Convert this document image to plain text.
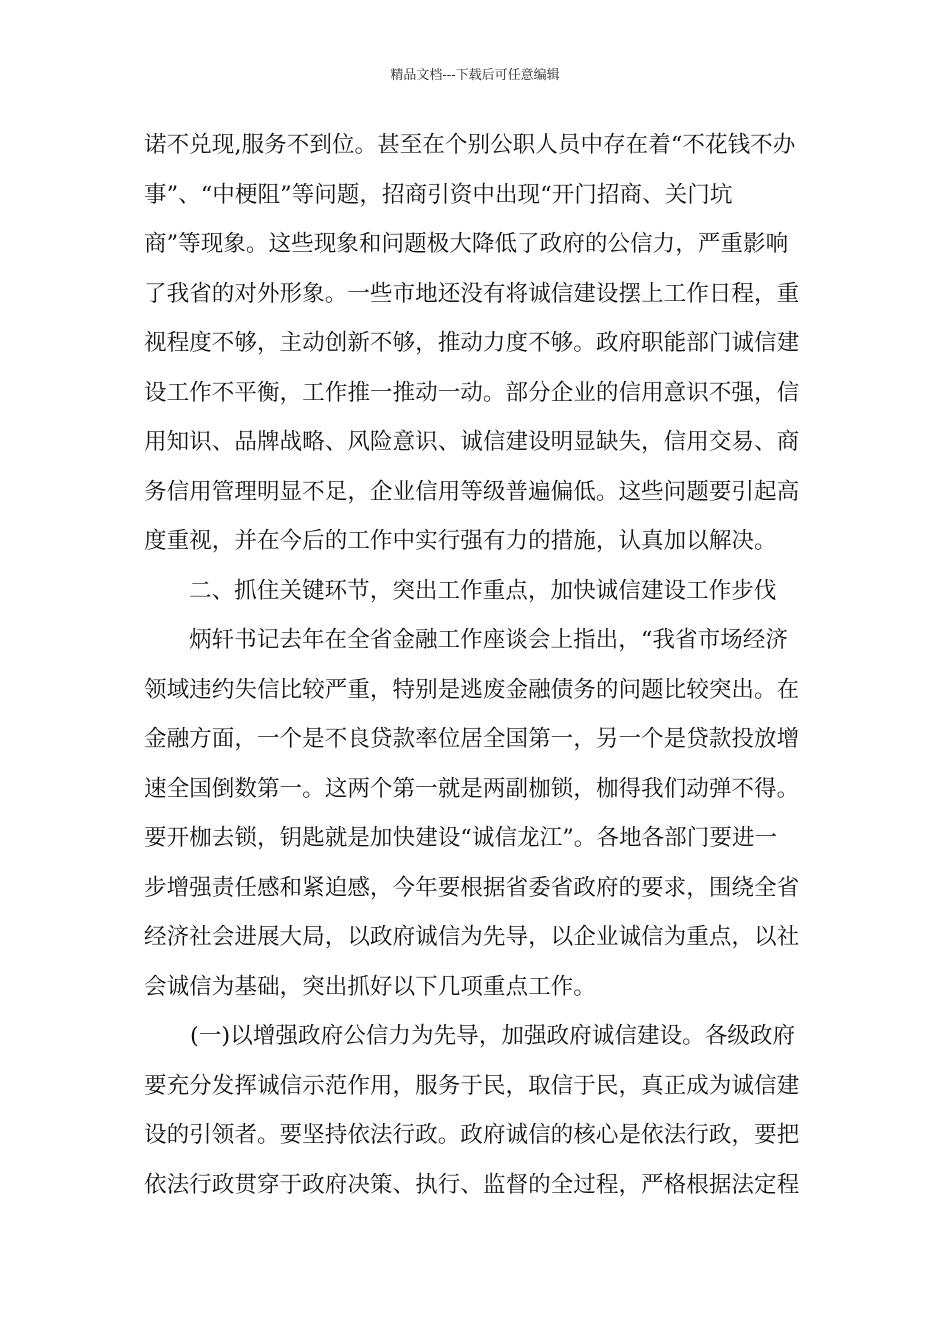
精品文档---下载后可任意编辑
诺不兑现,服务不到位。甚至在个别公职人员中存在着“不花钱不办
事”、“中梗阻”等问题，招商引资中出现“开门招商、关门坑
商”等现象。这些现象和问题极大降低了政府的公信力，严重影响
了我省的对外形象。一些市地还没有将诚信建设摆上工作日程，重
视程度不够，主动创新不够，推动力度不够。政府职能部门诚信建
设工作不平衡，工作推一推动一动。部分企业的信用意识不强，信
用知识、品牌战略、风险意识、诚信建设明显缺失，信用交易、商
务信用管理明显不足，企业信用等级普遍偏低。这些问题要引起高
度重视，并在今后的工作中实行强有力的措施，认真加以解决。
二、抓住关键环节，突出工作重点，加快诚信建设工作步伐
炳轩书记去年在全省金融工作座谈会上指出，“我省市场经济
领域违约失信比较严重，特别是逃废金融债务的问题比较突出。在
金融方面，一个是不良贷款率位居全国第一，另一个是贷款投放增
速全国倒数第一。这两个第一就是两副枷锁，枷得我们动弹不得。
要开枷去锁，钥匙就是加快建设“诚信龙江”。各地各部门要进一
步增强责任感和紧迫感，今年要根据省委省政府的要求，围绕全省
经济社会进展大局，以政府诚信为先导，以企业诚信为重点，以社
会诚信为基础，突出抓好以下几项重点工作。
(一)以增强政府公信力为先导，加强政府诚信建设。各级政府
要充分发挥诚信示范作用，服务于民，取信于民，真正成为诚信建
设的引领者。要坚持依法行政。政府诚信的核心是依法行政，要把
依法行政贯穿于政府决策、执行、监督的全过程，严格根据法定程
